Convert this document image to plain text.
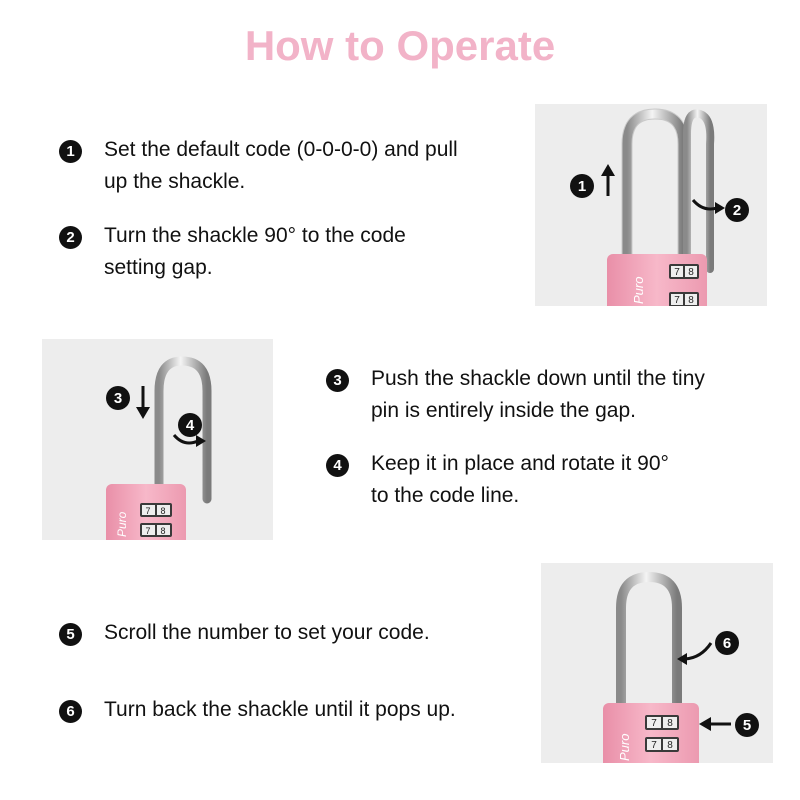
How to Operate
1	Set the default code (0-0-0-0) and pull
up the shackle.
2	Turn the shackle 90° to the code
setting gap.
3	Push the shackle down until the tiny
pin is entirely inside the gap.
4	Keep it in place and rotate it 90°
to the code line.
5	Scroll the number to set your code.
6	Turn back the shackle until it pops up.
7 8
7 8
Puro
1
2
7 8
7 8
Puro
3
4
7 8
7 8
Puro
6
5
